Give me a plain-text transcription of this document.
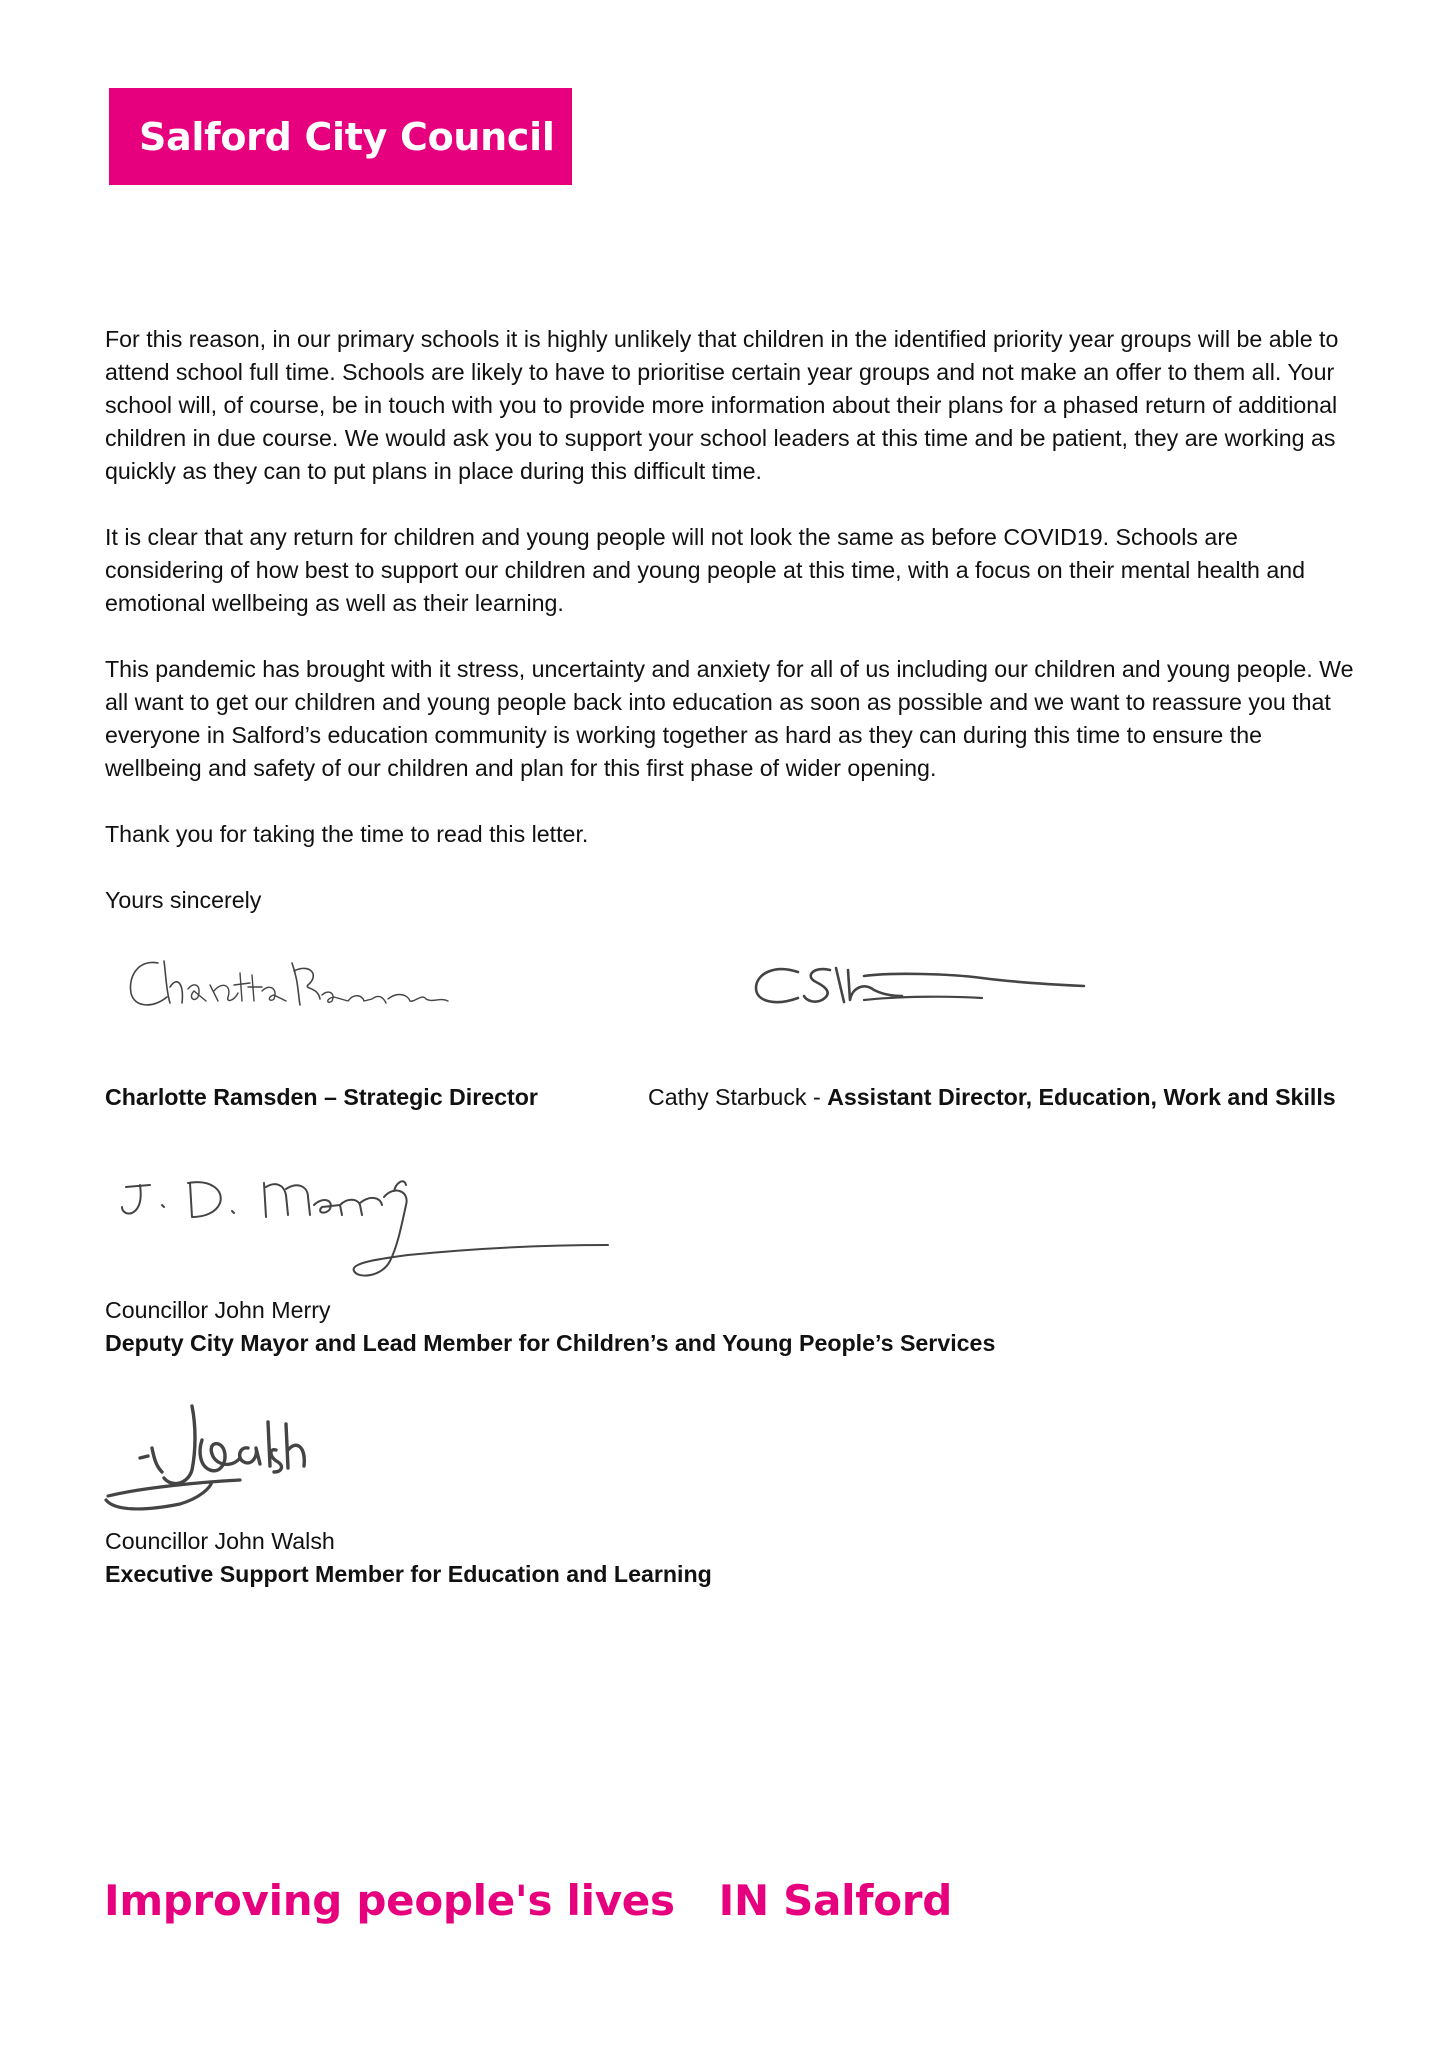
Salford City Council

For this reason, in our primary schools it is highly unlikely that children in the identified priority year groups will be able to attend school full time. Schools are likely to have to prioritise certain year groups and not make an offer to them all. Your school will, of course, be in touch with you to provide more information about their plans for a phased return of additional children in due course. We would ask you to support your school leaders at this time and be patient, they are working as quickly as they can to put plans in place during this difficult time.

It is clear that any return for children and young people will not look the same as before COVID19. Schools are considering of how best to support our children and young people at this time, with a focus on their mental health and emotional wellbeing as well as their learning.

This pandemic has brought with it stress, uncertainty and anxiety for all of us including our children and young people. We all want to get our children and young people back into education as soon as possible and we want to reassure you that everyone in Salford’s education community is working together as hard as they can during this time to ensure the wellbeing and safety of our children and plan for this first phase of wider opening.

Thank you for taking the time to read this letter.

Yours sincerely

Charlotte Ramsden – Strategic Director	Cathy Starbuck - Assistant Director, Education, Work and Skills
Councillor John Merry
Deputy City Mayor and Lead Member for Children’s and Young People’s Services
Councillor John Walsh
Executive Support Member for Education and Learning
Improving people's lives IN Salford
